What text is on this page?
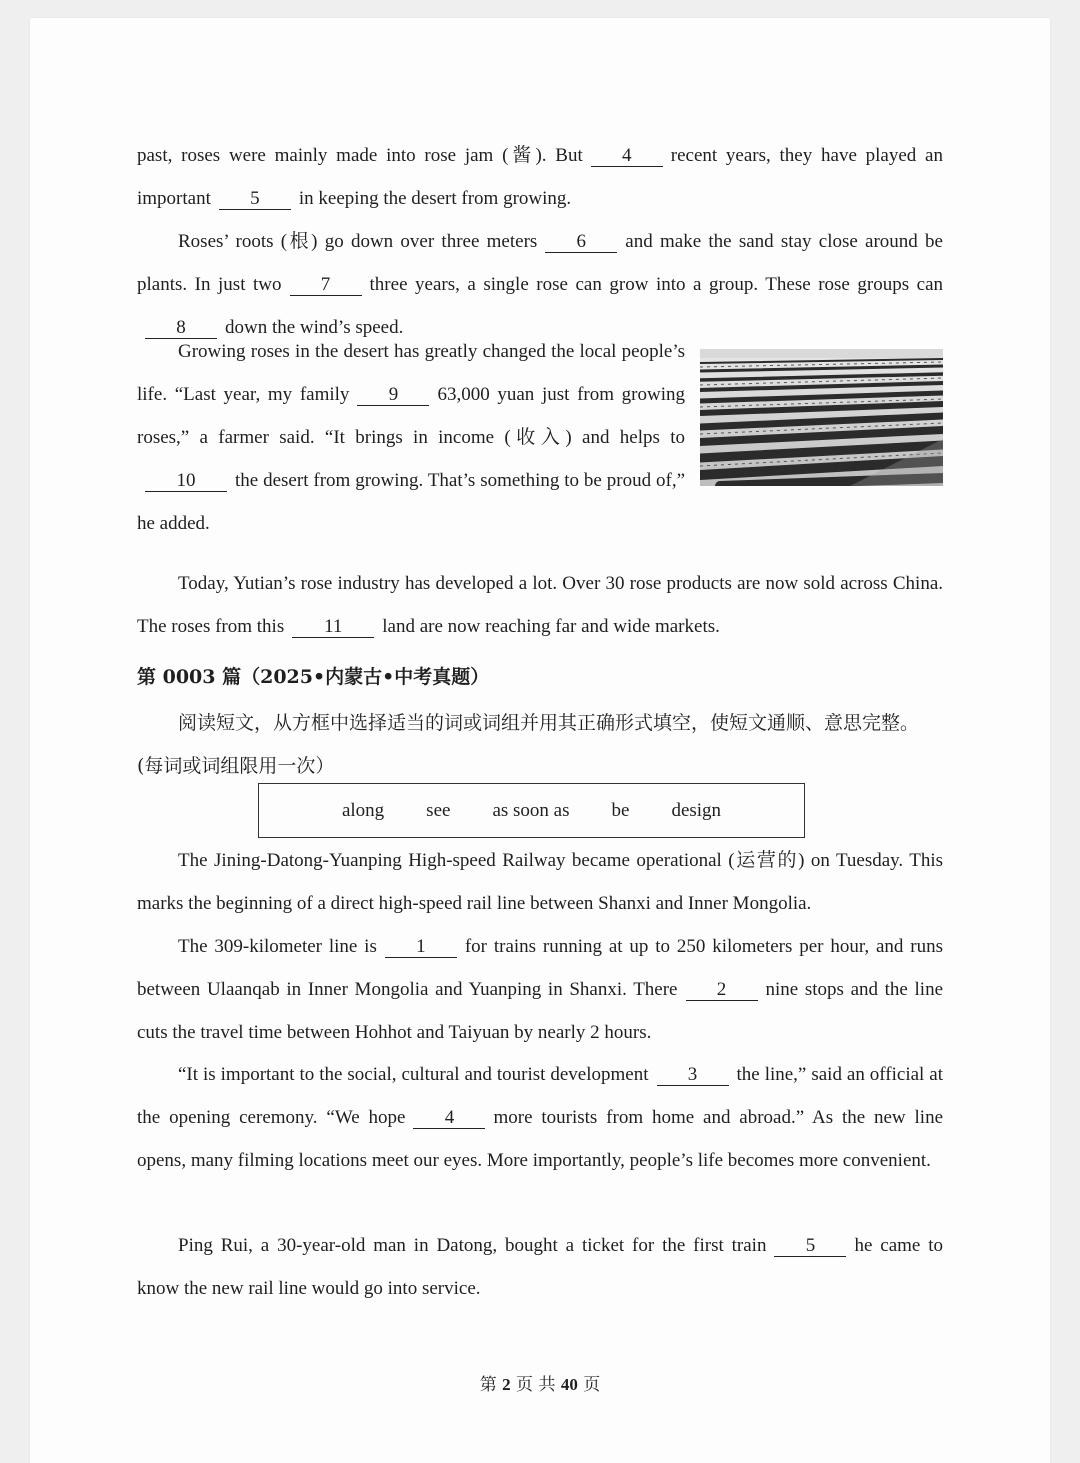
past, roses were mainly made into rose jam (酱). But 4 recent years, they have played an important 5 in keeping the desert from growing.

Roses’ roots (根) go down over three meters 6 and make the sand stay close around be plants. In just two 7 three years, a single rose can grow into a group. These rose groups can8 down the wind’s speed.

Growing roses in the desert has greatly changed the local people’s life. “Last year, my family 9 63,000 yuan just from growing roses,” a farmer said. “It brings in income (收入) and helps to10 the desert from growing. That’s something to be proud of,” he added.

Today, Yutian’s rose industry has developed a lot. Over 30 rose products are now sold across China. The roses from this 11 land are now reaching far and wide markets.

第 0003 篇（2025•内蒙古•中考真题）

阅读短文，从方框中选择适当的词或词组并用其正确形式填空，使短文通顺、意思完整。(每词或词组限用一次）

along see as soon as be design

The Jining-Datong-Yuanping High-speed Railway became operational (运营的) on Tuesday. This marks the beginning of a direct high-speed rail line between Shanxi and Inner Mongolia.

The 309-kilometer line is 1 for trains running at up to 250 kilometers per hour, and runs between Ulaanqab in Inner Mongolia and Yuanping in Shanxi. There 2 nine stops and the line cuts the travel time between Hohhot and Taiyuan by nearly 2 hours.

“It is important to the social, cultural and tourist development 3 the line,” said an official at the opening ceremony. “We hope 4 more tourists from home and abroad.” As the new line opens, many filming locations meet our eyes. More importantly, people’s life becomes more convenient.

Ping Rui, a 30-year-old man in Datong, bought a ticket for the first train 5 he came to know the new rail line would go into service.

第 2 页 共 40 页
